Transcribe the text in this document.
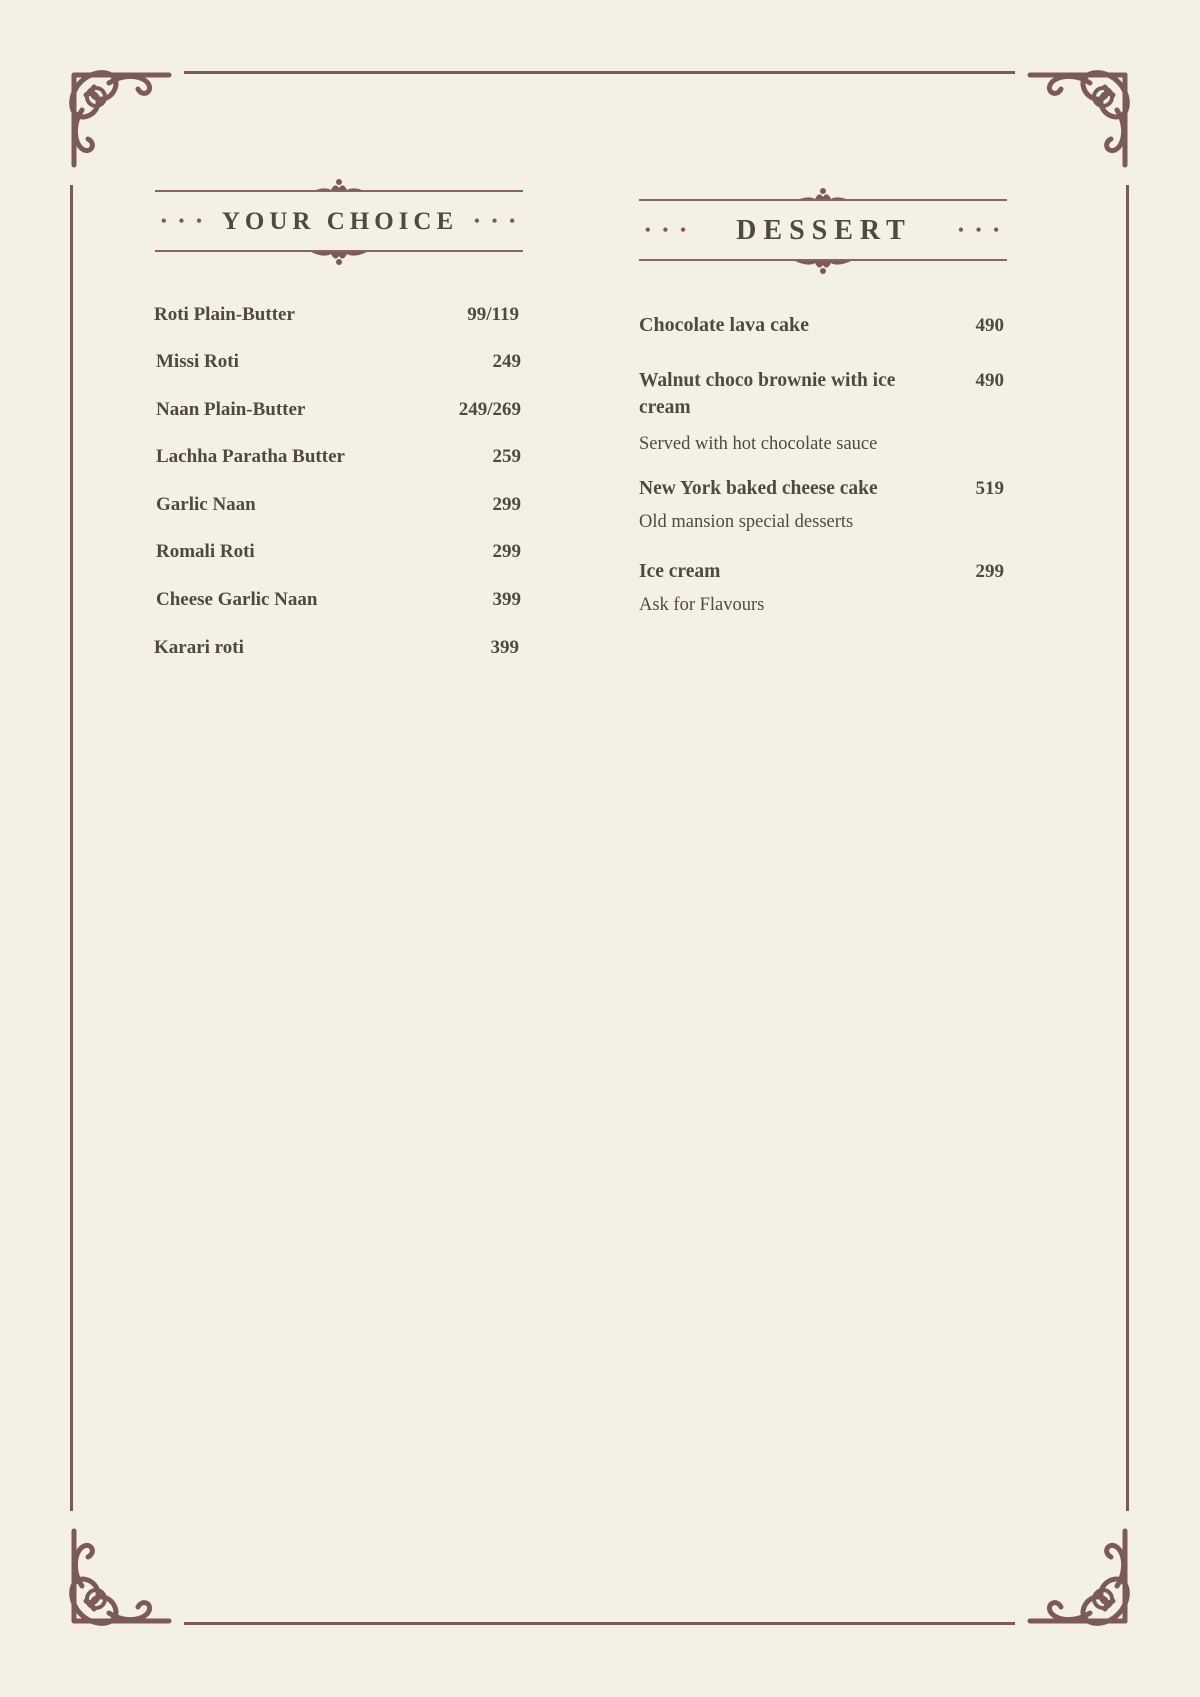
• • • YOUR CHOICE • • •
• • • DESSERT	• • •
Roti Plain-Butter	99/119
Missi Roti	249
Naan Plain-Butter	249/269
Lachha Paratha Butter	259
Garlic Naan	299
Romali Roti	299
Cheese Garlic Naan	399
Karari roti	399
Chocolate lava cake	490
Walnut choco brownie with ice cream
490
Served with hot chocolate sauce
New York baked cheese cake	519
Old mansion special desserts
Ice cream	299
Ask for Flavours
